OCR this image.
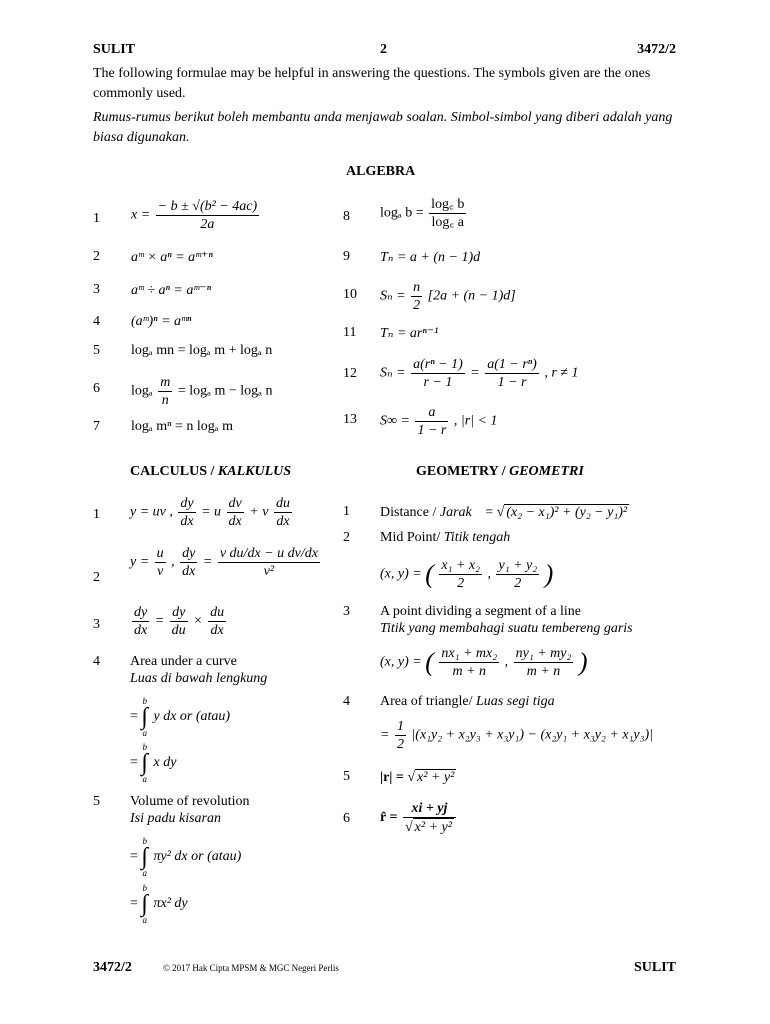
SULIT	2	3472/2
The following formulae may be helpful in answering the questions. The symbols given are the ones commonly used.
Rumus-rumus berikut boleh membantu anda menjawab soalan. Simbol-simbol yang diberi adalah yang biasa digunakan.
ALGEBRA
1
2
3
4
5
6
7
8
9
10
11
12
13
$x = \frac{\text{− b ± √(b² − 4ac)}}{2a}$
aᵐ × aⁿ = aᵐ⁺ⁿ
aᵐ ÷ aⁿ = aᵐ⁻ⁿ
(aᵐ)ⁿ = aᵐⁿ
logₐ mn = logₐ m + logₐ n
logₐ $\frac{m}{n} = \log_a$ m − logₐ n
logₐ mⁿ = n logₐ m
logₐ $b = \frac{\log꜀ b}{\log꜀ a}$
Tₙ = a + (n − 1)d
$S_n = \frac{n}{2} [2a + (n - 1)d]$
Tₙ = arⁿ⁻¹
$S_n = \frac{\text{a(rⁿ − 1)}}{r - 1} = \frac{\text{a(1 − rⁿ)}}{1 - r}$ , r ≠ 1
$S\infty = \frac{a}{1 - r}$ , |r| < 1
CALCULUS / KALKULUS	GEOMETRY / GEOMETRI
1
2
3
4
5
y = uv , $\frac{dy}{dx} = u \frac{dv}{dx} + v \frac{du}{dx}$
$y = \frac{u}{v}$ , $\frac{dy}{dx} = \frac{\text{v du/dx − u dv/dx}}{\text{v²}}$
$\frac{dy}{dx} = \frac{dy}{du} \times \frac{du}{dx}$
Area under a curve
Luas di bawah lengkung
= b
∫
a y dx or (atau)
= b
∫
a x dy
Volume of revolution
Isi padu kisaran
= b
∫
a πy² dx or (atau)
= b
∫
a πx² dy
1
2
3
4
5
6
Distance / Jarak = √ (x₂ − x₁)² + (y₂ − y₁)²
Mid Point/ Titik tengah
(x, y) = ( $\frac{\text{x₁ + x₂}}{2}$ , $\frac{\text{y₁ + y₂}}{2}$ )
A point dividing a segment of a line
Titik yang membahagi suatu tembereng garis
(x, y) = ( $\frac{\text{nx₁ + mx₂}}{m + n}$ , $\frac{\text{ny₁ + my₂}}{m + n}$ )
Area of triangle/ Luas segi tiga
= $\frac{1}{2} |(x_1y_2 + x_2y_3 + x_3y_1) - (x_2y_1 + x_3y_2 + x_1y_3)|$
|r| = √ x² + y²
r̂ = $\frac{xi + yj}{\text{√ x² + y²}}$
3472/2	© 2017 Hak Cipta MPSM & MGC Negeri Perlis	SULIT
